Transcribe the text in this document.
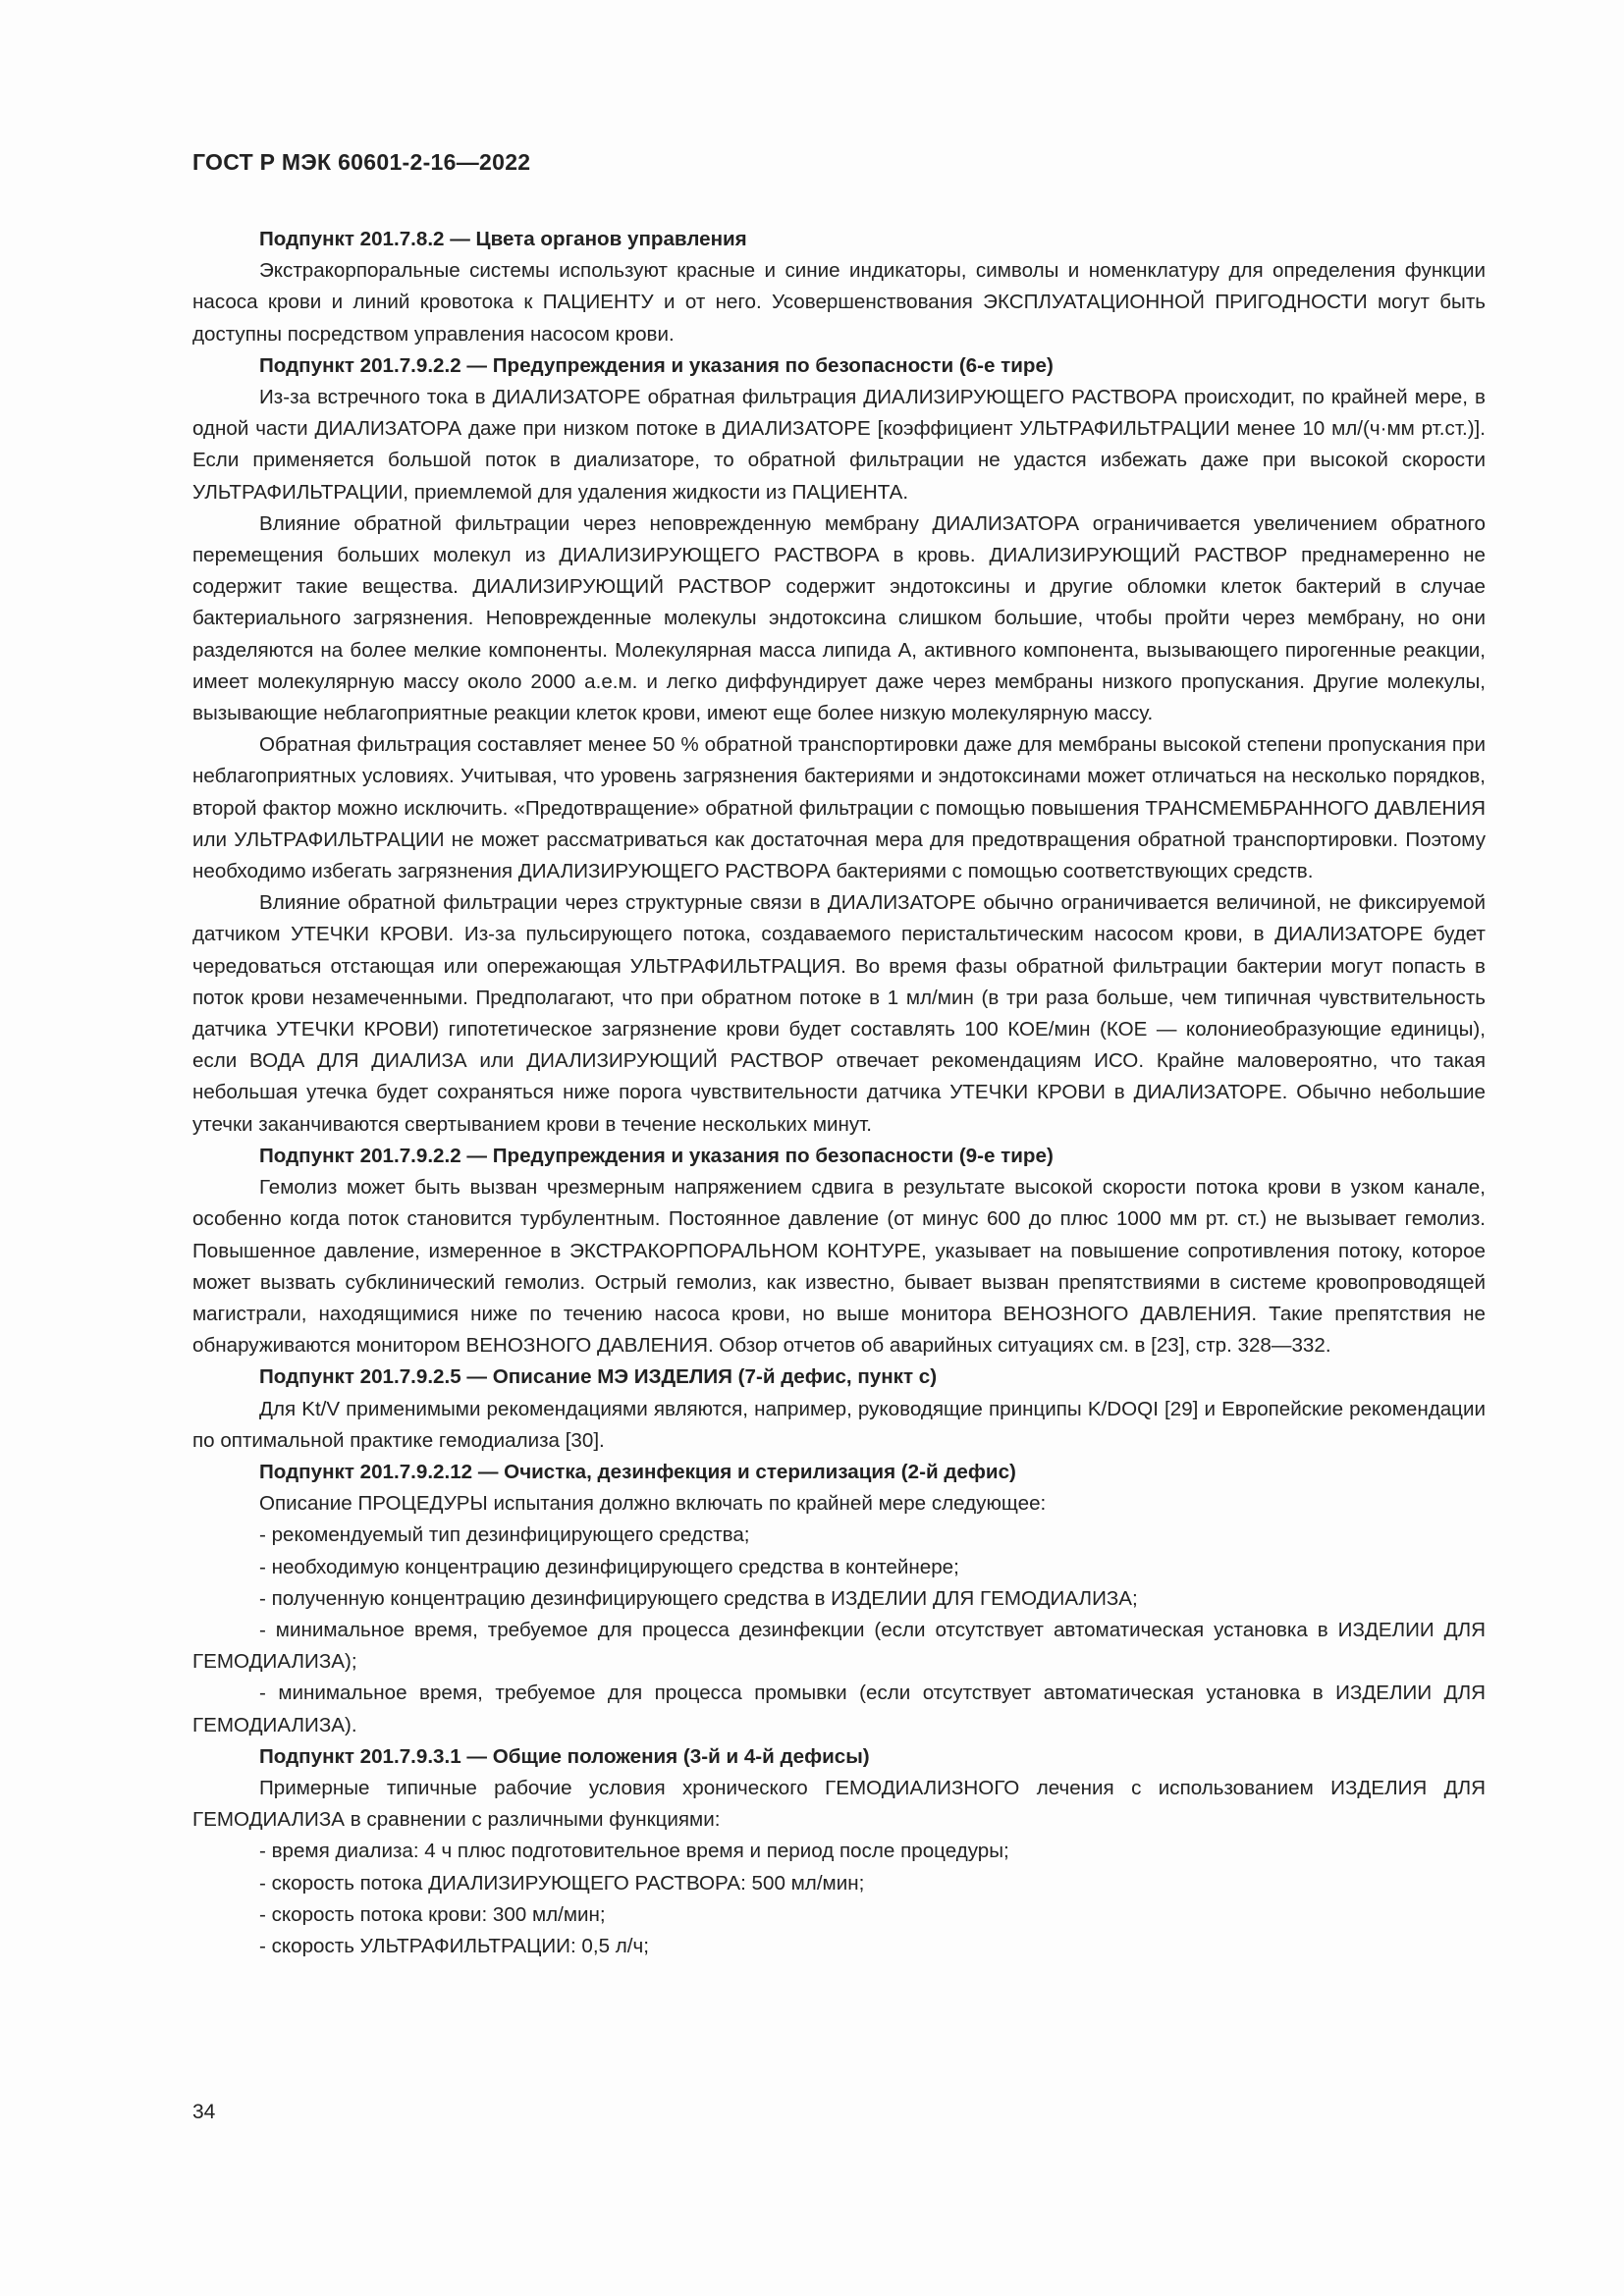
ГОСТ Р МЭК 60601-2-16—2022

Подпункт 201.7.8.2 — Цвета органов управления

Экстракорпоральные системы используют красные и синие индикаторы, символы и номенклатуру для определения функции насоса крови и линий кровотока к ПАЦИЕНТУ и от него. Усовершенствования ЭКСПЛУАТАЦИОННОЙ ПРИГОДНОСТИ могут быть доступны посредством управления насосом крови.

Подпункт 201.7.9.2.2 — Предупреждения и указания по безопасности (6-е тире)

Из-за встречного тока в ДИАЛИЗАТОРЕ обратная фильтрация ДИАЛИЗИРУЮЩЕГО РАСТВОРА происходит, по крайней мере, в одной части ДИАЛИЗАТОРА даже при низком потоке в ДИАЛИЗАТОРЕ [коэффициент УЛЬТРАФИЛЬТРАЦИИ менее 10 мл/(ч·мм рт.ст.)]. Если применяется большой поток в диализаторе, то обратной фильтрации не удастся избежать даже при высокой скорости УЛЬТРАФИЛЬТРАЦИИ, приемлемой для удаления жидкости из ПАЦИЕНТА.

Влияние обратной фильтрации через неповрежденную мембрану ДИАЛИЗАТОРА ограничивается увеличением обратного перемещения больших молекул из ДИАЛИЗИРУЮЩЕГО РАСТВОРА в кровь. ДИАЛИЗИРУЮЩИЙ РАСТВОР преднамеренно не содержит такие вещества. ДИАЛИЗИРУЮЩИЙ РАСТВОР содержит эндотоксины и другие обломки клеток бактерий в случае бактериального загрязнения. Неповрежденные молекулы эндотоксина слишком большие, чтобы пройти через мембрану, но они разделяются на более мелкие компоненты. Молекулярная масса липида А, активного компонента, вызывающего пирогенные реакции, имеет молекулярную массу около 2000 а.е.м. и легко диффундирует даже через мембраны низкого пропускания. Другие молекулы, вызывающие неблагоприятные реакции клеток крови, имеют еще более низкую молекулярную массу.

Обратная фильтрация составляет менее 50 % обратной транспортировки даже для мембраны высокой степени пропускания при неблагоприятных условиях. Учитывая, что уровень загрязнения бактериями и эндотоксинами может отличаться на несколько порядков, второй фактор можно исключить. «Предотвращение» обратной фильтрации с помощью повышения ТРАНСМЕМБРАННОГО ДАВЛЕНИЯ или УЛЬТРАФИЛЬТРАЦИИ не может рассматриваться как достаточная мера для предотвращения обратной транспортировки. Поэтому необходимо избегать загрязнения ДИАЛИЗИРУЮЩЕГО РАСТВОРА бактериями с помощью соответствующих средств.

Влияние обратной фильтрации через структурные связи в ДИАЛИЗАТОРЕ обычно ограничивается величиной, не фиксируемой датчиком УТЕЧКИ КРОВИ. Из-за пульсирующего потока, создаваемого перистальтическим насосом крови, в ДИАЛИЗАТОРЕ будет чередоваться отстающая или опережающая УЛЬТРАФИЛЬТРАЦИЯ. Во время фазы обратной фильтрации бактерии могут попасть в поток крови незамеченными. Предполагают, что при обратном потоке в 1 мл/мин (в три раза больше, чем типичная чувствительность датчика УТЕЧКИ КРОВИ) гипотетическое загрязнение крови будет составлять 100 КОЕ/мин (КОЕ — колониеобразующие единицы), если ВОДА ДЛЯ ДИАЛИЗА или ДИАЛИЗИРУЮЩИЙ РАСТВОР отвечает рекомендациям ИСО. Крайне маловероятно, что такая небольшая утечка будет сохраняться ниже порога чувствительности датчика УТЕЧКИ КРОВИ в ДИАЛИЗАТОРЕ. Обычно небольшие утечки заканчиваются свертыванием крови в течение нескольких минут.

Подпункт 201.7.9.2.2 — Предупреждения и указания по безопасности (9-е тире)

Гемолиз может быть вызван чрезмерным напряжением сдвига в результате высокой скорости потока крови в узком канале, особенно когда поток становится турбулентным. Постоянное давление (от минус 600 до плюс 1000 мм рт. ст.) не вызывает гемолиз. Повышенное давление, измеренное в ЭКСТРАКОРПОРАЛЬНОМ КОНТУРЕ, указывает на повышение сопротивления потоку, которое может вызвать субклинический гемолиз. Острый гемолиз, как известно, бывает вызван препятствиями в системе кровопроводящей магистрали, находящимися ниже по течению насоса крови, но выше монитора ВЕНОЗНОГО ДАВЛЕНИЯ. Такие препятствия не обнаруживаются монитором ВЕНОЗНОГО ДАВЛЕНИЯ. Обзор отчетов об аварийных ситуациях см. в [23], стр. 328—332.

Подпункт 201.7.9.2.5 — Описание МЭ ИЗДЕЛИЯ (7-й дефис, пункт с)

Для Kt/V применимыми рекомендациями являются, например, руководящие принципы K/DOQI [29] и Европейские рекомендации по оптимальной практике гемодиализа [30].

Подпункт 201.7.9.2.12 — Очистка, дезинфекция и стерилизация (2-й дефис)

Описание ПРОЦЕДУРЫ испытания должно включать по крайней мере следующее:

- рекомендуемый тип дезинфицирующего средства;

- необходимую концентрацию дезинфицирующего средства в контейнере;

- полученную концентрацию дезинфицирующего средства в ИЗДЕЛИИ ДЛЯ ГЕМОДИАЛИЗА;

- минимальное время, требуемое для процесса дезинфекции (если отсутствует автоматическая установка в ИЗДЕЛИИ ДЛЯ ГЕМОДИАЛИЗА);

- минимальное время, требуемое для процесса промывки (если отсутствует автоматическая установка в ИЗДЕЛИИ ДЛЯ ГЕМОДИАЛИЗА).

Подпункт 201.7.9.3.1 — Общие положения (3-й и 4-й дефисы)

Примерные типичные рабочие условия хронического ГЕМОДИАЛИЗНОГО лечения с использованием ИЗДЕЛИЯ ДЛЯ ГЕМОДИАЛИЗА в сравнении с различными функциями:

- время диализа: 4 ч плюс подготовительное время и период после процедуры;

- скорость потока ДИАЛИЗИРУЮЩЕГО РАСТВОРА: 500 мл/мин;

- скорость потока крови: 300 мл/мин;

- скорость УЛЬТРАФИЛЬТРАЦИИ: 0,5 л/ч;

34
